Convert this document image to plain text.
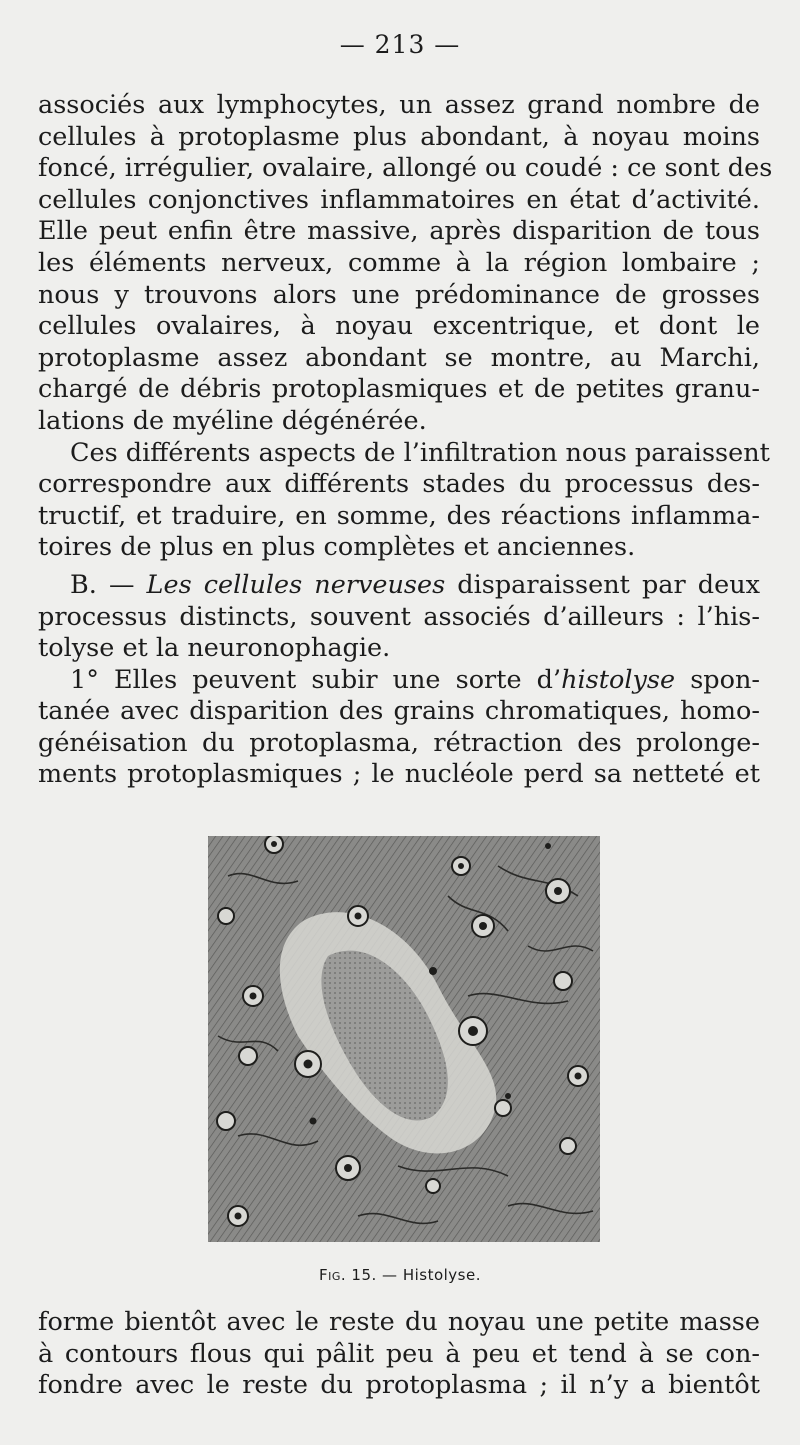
— 213 —
associés aux lymphocytes, un assez grand nombre de
cellules à protoplasme plus abondant, à noyau moins
foncé, irrégulier, ovalaire, allongé ou coudé : ce sont des
cellules conjonctives inflammatoires en état d’activité.
Elle peut enfin être massive, après disparition de tous
les éléments nerveux, comme à la région lombaire ;
nous y trouvons alors une prédominance de grosses
cellules ovalaires, à noyau excentrique, et dont le
protoplasme assez abondant se montre, au Marchi,
chargé de débris protoplasmiques et de petites granu-
lations de myéline dégénérée.
Ces différents aspects de l’infiltration nous paraissent
correspondre aux différents stades du processus des-
tructif, et traduire, en somme, des réactions inflamma-
toires de plus en plus complètes et anciennes.
B. — Les cellules nerveuses disparaissent par deux
processus distincts, souvent associés d’ailleurs : l’his-
tolyse et la neuronophagie.
1° Elles peuvent subir une sorte d’histolyse spon-
tanée avec disparition des grains chromatiques, homo-
généisation du protoplasma, rétraction des prolonge-
ments protoplasmiques ; le nucléole perd sa netteté et
Fig. 15. — Histolyse.
forme bientôt avec le reste du noyau une petite masse
à contours flous qui pâlit peu à peu et tend à se con-
fondre avec le reste du protoplasma ; il n’y a bientôt
